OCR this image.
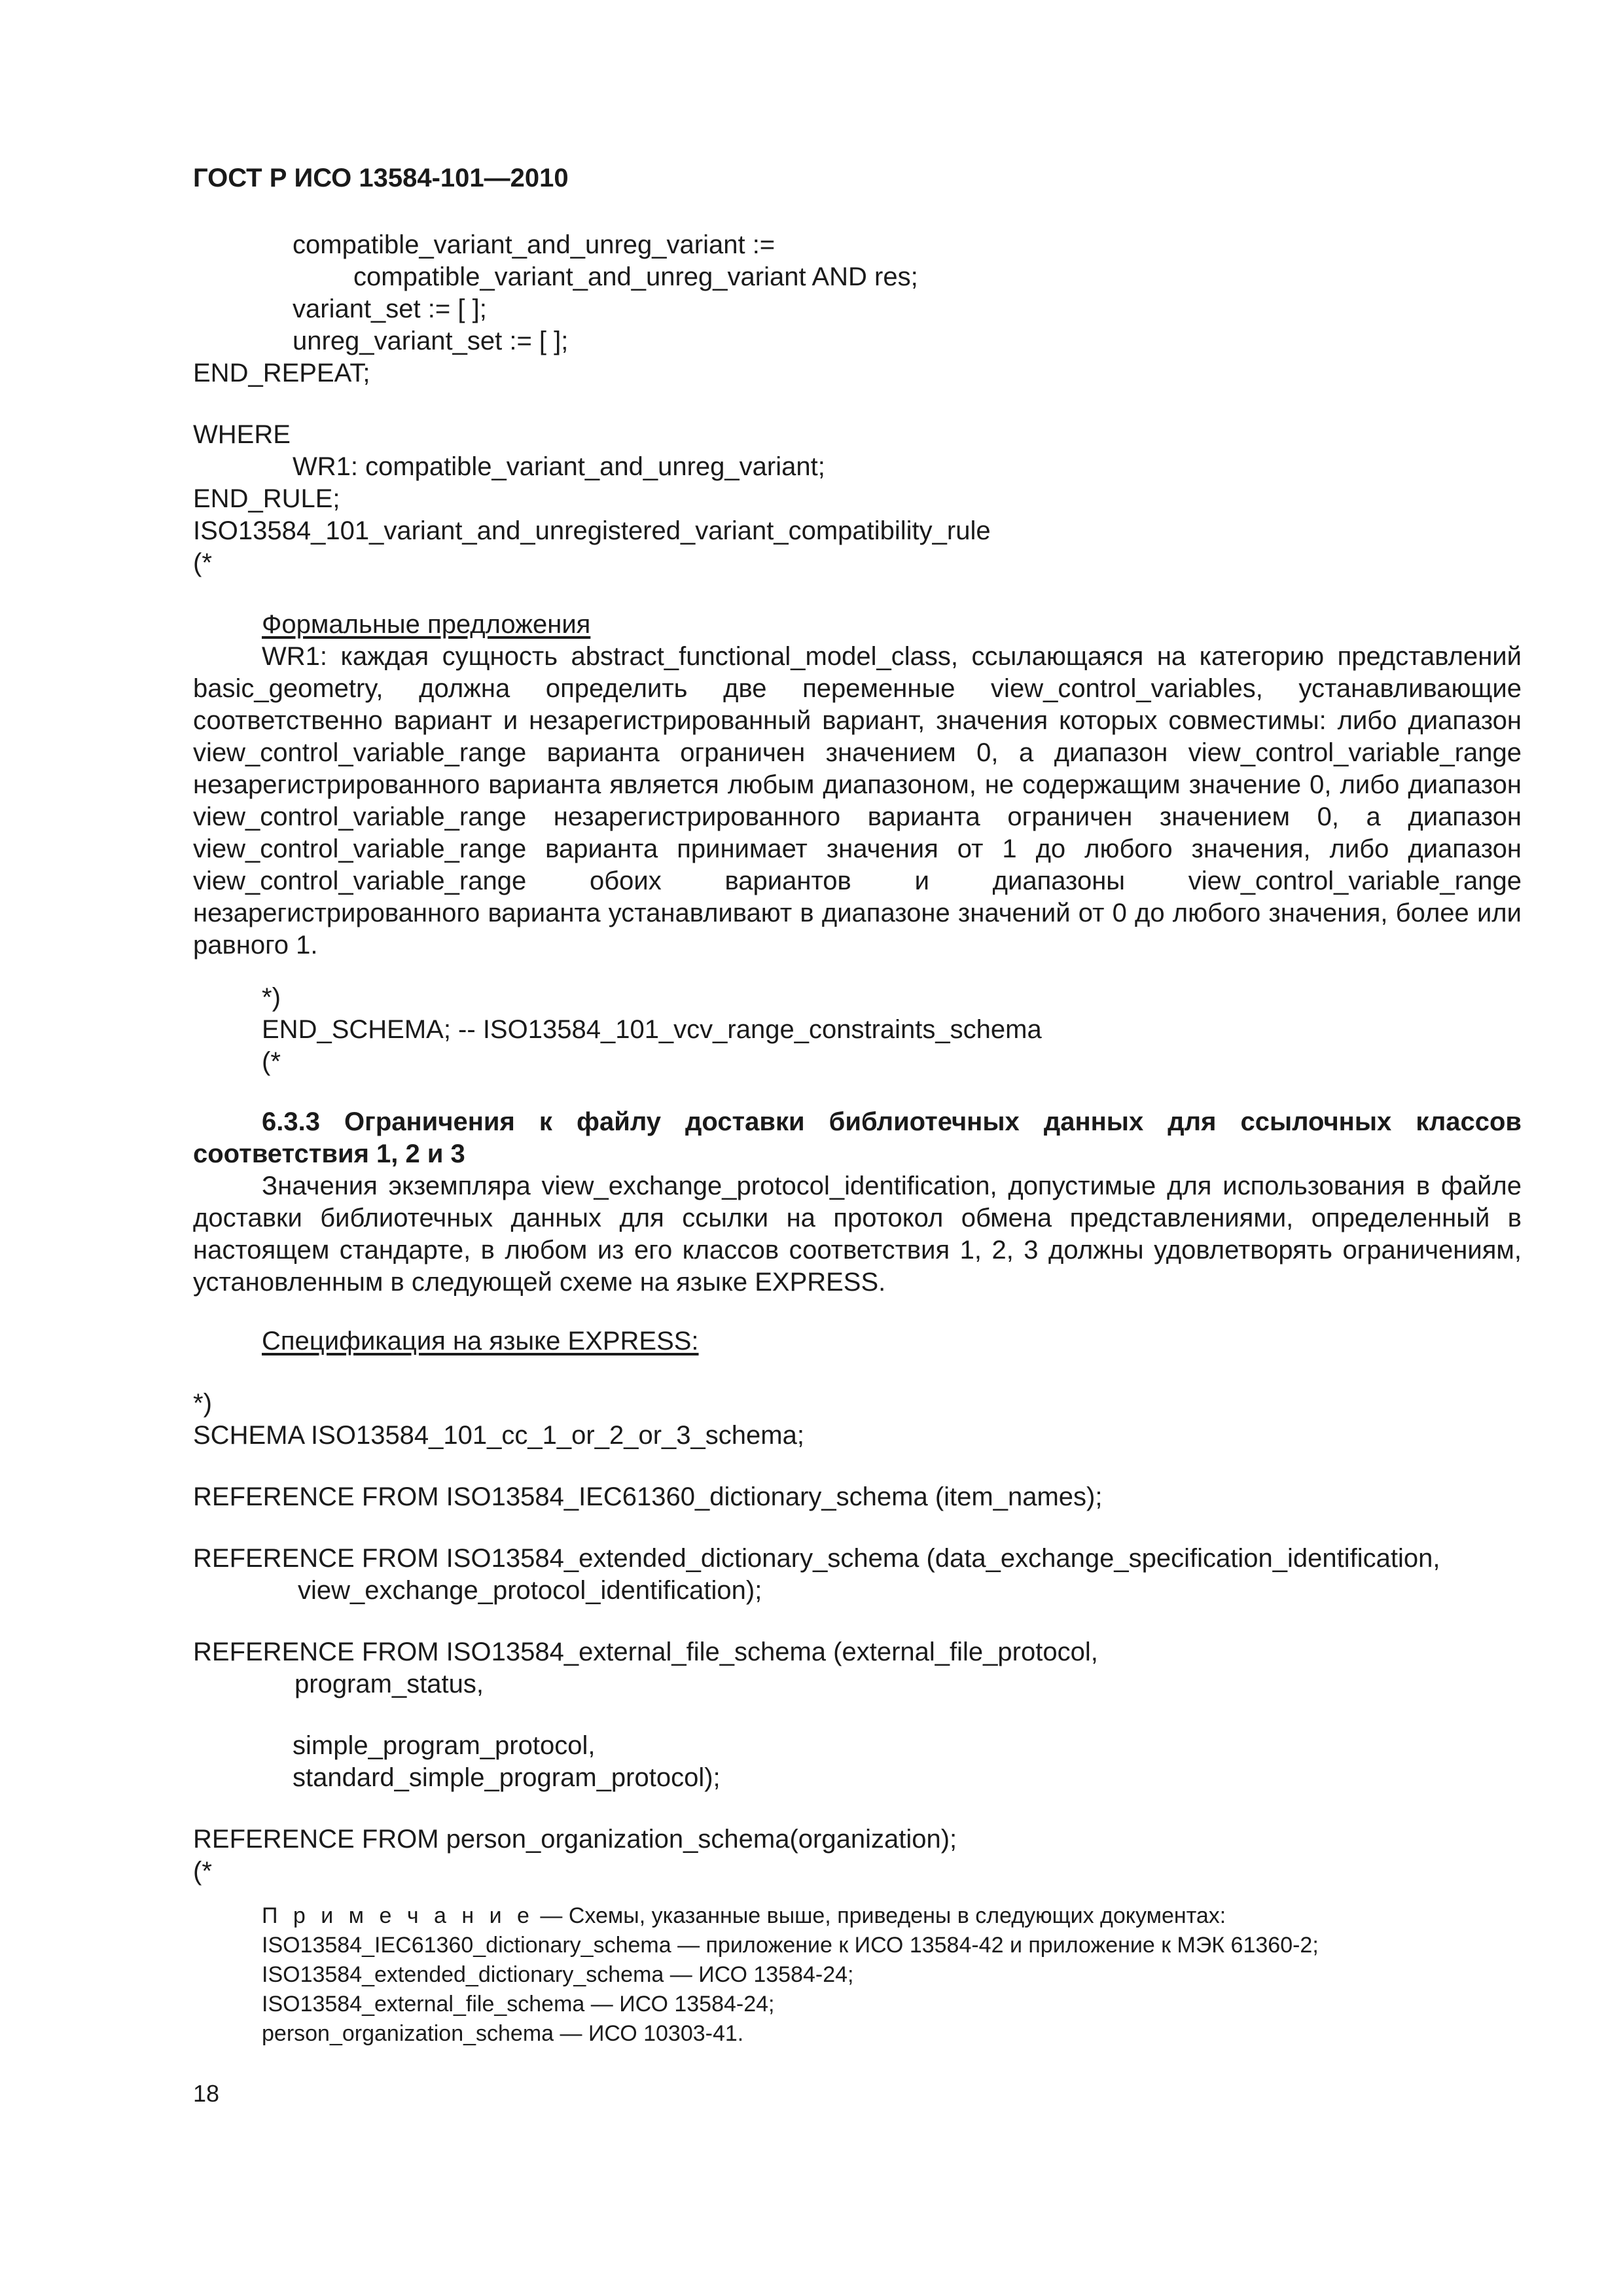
ГОСТ Р ИСО 13584-101—2010
compatible_variant_and_unreg_variant :=
compatible_variant_and_unreg_variant AND res;
variant_set := [ ];
unreg_variant_set := [ ];
END_REPEAT;
WHERE
WR1: compatible_variant_and_unreg_variant;
END_RULE;
ISO13584_101_variant_and_unregistered_variant_compatibility_rule
(*
Формальные предложения
WR1: каждая сущность abstract_functional_model_class, ссылающаяся на категорию представлений basic_geometry, должна определить две переменные view_control_variables, устанавливающие соответственно вариант и незарегистрированный вариант, значения которых совместимы: либо диапазон view_control_variable_range варианта ограничен значением 0, а диапазон view_control_variable_range незарегистрированного варианта является любым диапазоном, не содержащим значение 0, либо диапазон view_control_variable_range незарегистрированного варианта ограничен значением 0, а диапазон view_control_variable_range варианта принимает значения от 1 до любого значения, либо диапазон view_control_variable_range обоих вариантов и диапазоны view_control_variable_range незарегистрированного варианта устанавливают в диапазоне значений от 0 до любого значения, более или равного 1.
*)
END_SCHEMA; -- ISO13584_101_vcv_range_constraints_schema
(*
6.3.3 Ограничения к файлу доставки библиотечных данных для ссылочных классов соответствия 1, 2 и 3
Значения экземпляра view_exchange_protocol_identification, допустимые для использования в файле доставки библиотечных данных для ссылки на протокол обмена представлениями, определенный в настоящем стандарте, в любом из его классов соответствия 1, 2, 3 должны удовлетворять ограничениям, установленным в следующей схеме на языке EXPRESS.
Спецификация на языке EXPRESS:
*)
SCHEMA ISO13584_101_cc_1_or_2_or_3_schema;
REFERENCE FROM ISO13584_IEC61360_dictionary_schema (item_names);
REFERENCE FROM ISO13584_extended_dictionary_schema (data_exchange_specification_identification,
view_exchange_protocol_identification);
REFERENCE FROM ISO13584_external_file_schema (external_file_protocol,
program_status,
simple_program_protocol,
standard_simple_program_protocol);
REFERENCE FROM person_organization_schema(organization);
(*
П р и м е ч а н и е — Схемы, указанные выше, приведены в следующих документах:
ISO13584_IEC61360_dictionary_schema — приложение к ИСО 13584-42 и приложение к МЭК 61360-2;
ISO13584_extended_dictionary_schema — ИСО 13584-24;
ISO13584_external_file_schema — ИСО 13584-24;
person_organization_schema — ИСО 10303-41.
18
